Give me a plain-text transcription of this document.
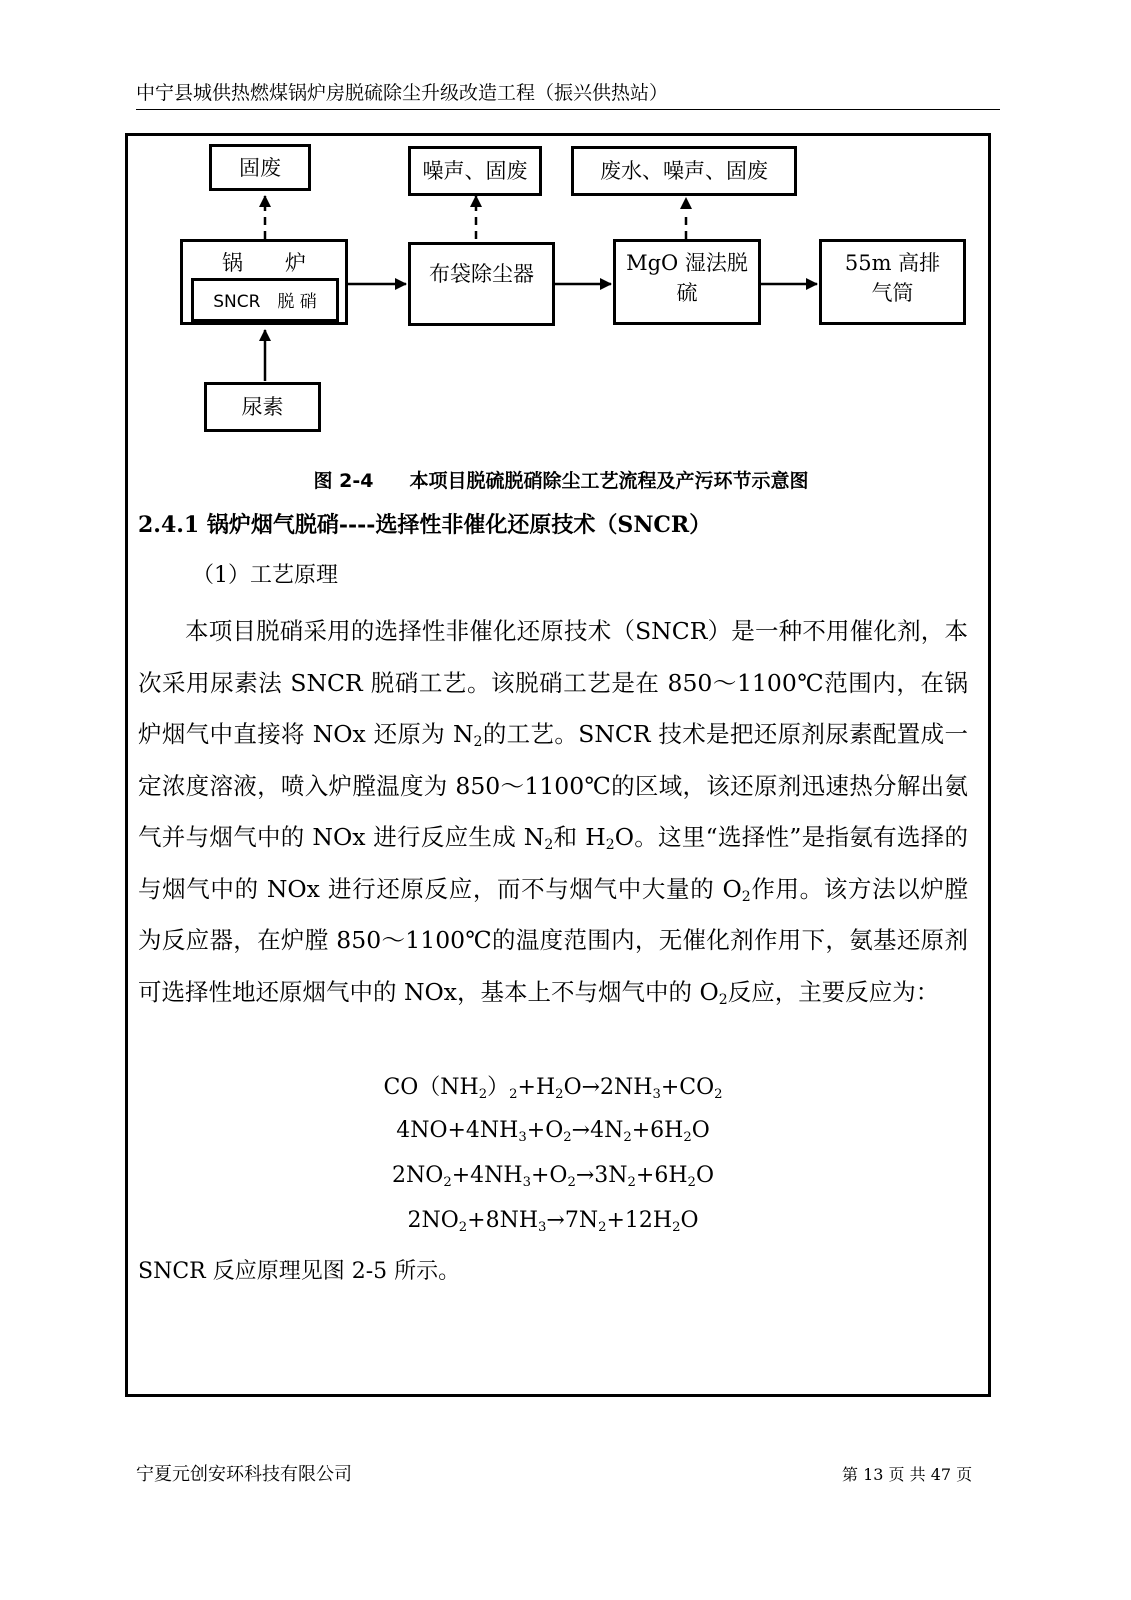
中宁县城供热燃煤锅炉房脱硫除尘升级改造工程（振兴供热站）
固废	噪声、固废	废水、噪声、固废
锅　　炉
SNCR　脱 硝
布袋除尘器	MgO 湿法脱
硫
55m 高排
气筒
尿素
图 2-4 本项目脱硫脱硝除尘工艺流程及产污环节示意图
2.4.1 锅炉烟气脱硝----选择性非催化还原技术（SNCR）
（1）工艺原理

本项目脱硝采用的选择性非催化还原技术（SNCR）是一种不用催化剂，本次采用尿素法 SNCR 脱硝工艺。该脱硝工艺是在 850～1100℃范围内，在锅炉烟气中直接将 NOx 还原为 $N_2$的工艺。SNCR 技术是把还原剂尿素配置成一定浓度溶液，喷入炉膛温度为 850～1100℃的区域，该还原剂迅速热分解出氨气并与烟气中的 NOx 进行反应生成 $N_2$和 $H_2O$。这里“选择性”是指氨有选择的与烟气中的 NOx 进行还原反应，而不与烟气中大量的 $O_2$作用。该方法以炉膛为反应器，在炉膛 850～1100℃的温度范围内，无催化剂作用下，氨基还原剂可选择性地还原烟气中的 NOx，基本上不与烟气中的 $O_2$反应，主要反应为：

$CO(NH_2)_2+H_2O\to 2NH_3+CO_2$
$4NO+4NH_3+O_2\to 4N_2+6H_2O$
$2NO_2+4NH_3+O_2\to 3N_2+6H_2O$
$2NO_2+8NH_3\to 7N_2+12H_2O$
SNCR 反应原理见图 2-5 所示。
宁夏元创安环科技有限公司	第 13 页 共 47 页
